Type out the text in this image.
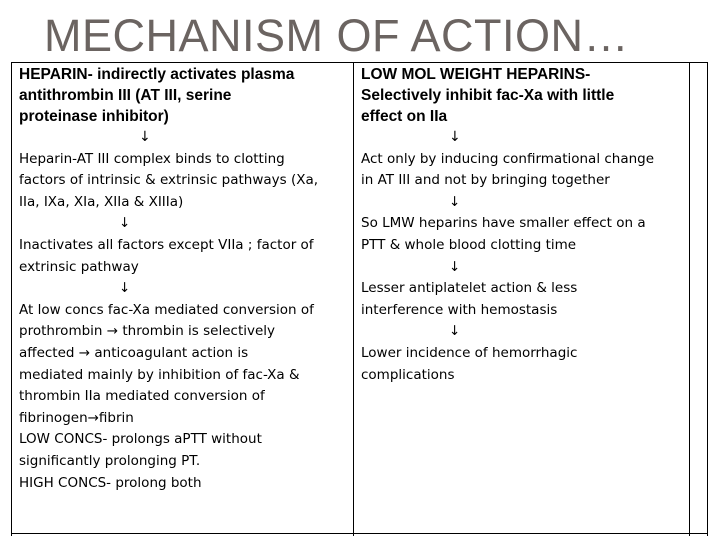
MECHANISM OF ACTION…
HEPARIN- indirectly activates plasma
antithrombin III (AT III, serine
proteinase inhibitor)
↓
Heparin-AT III complex binds to clotting
factors of intrinsic & extrinsic pathways (Xa,
IIa, IXa, XIa, XIIa & XIIIa)
↓
Inactivates all factors except VIIa ; factor of
extrinsic pathway
↓
At low concs fac-Xa mediated conversion of
prothrombin → thrombin is selectively
affected → anticoagulant action is
mediated mainly by inhibition of fac-Xa &
thrombin IIa mediated conversion of
fibrinogen→fibrin
LOW CONCS- prolongs aPTT without
significantly prolonging PT.
HIGH CONCS- prolong both
LOW MOL WEIGHT HEPARINS-
Selectively inhibit fac-Xa with little
effect on IIa
↓
Act only by inducing confirmational change
in AT III and not by bringing together
↓
So LMW heparins have smaller effect on a
PTT & whole blood clotting time
↓
Lesser antiplatelet action & less
interference with hemostasis
↓
Lower incidence of hemorrhagic
complications
